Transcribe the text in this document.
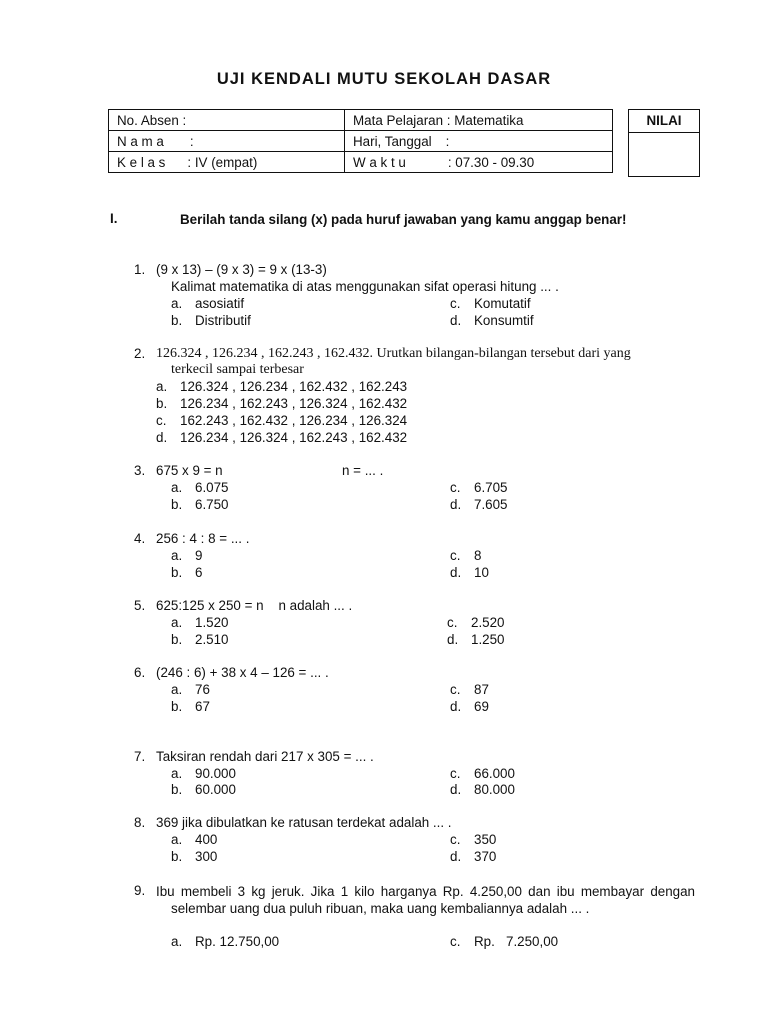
UJI KENDALI MUTU SEKOLAH DASAR
No. Absen :	Mata Pelajaran : Matematika
N a m a :	Hari, Tanggal :
K e l a s : IV (empat)	W a k t u : 07.30 - 09.30
NILAI
I.	Berilah tanda silang (x) pada huruf jawaban yang kamu anggap benar!
1. (9 x 13) – (9 x 3) = 9 x (13-3)
Kalimat matematika di atas menggunakan sifat operasi hitung ... .
a. asosiatif
b. Distributif
c. Komutatif
d. Konsumtif
2. 126.324 , 126.234 , 162.243 , 162.432. Urutkan bilangan-bilangan tersebut dari yang
terkecil sampai terbesar
a. 126.324 , 126.234 , 162.432 , 162.243
b. 126.234 , 162.243 , 126.324 , 162.432
c. 162.243 , 162.432 , 126.234 , 126.324
d. 126.234 , 126.324 , 162.243 , 162.432
3. 675 x 9 = n	n = ... .
a. 6.075
b. 6.750
c. 6.705
d. 7.605
4. 256 : 4 : 8 = ... .
a. 9
b. 6
c. 8
d. 10
5. 625:125 x 250 = n    n adalah ... .
a. 1.520
b. 2.510
c. 2.520
d. 1.250
6. (246 : 6) + 38 x 4 – 126 = ... .
a. 76
b. 67
c. 87
d. 69
7. Taksiran rendah dari 217 x 305 = ... .
a. 90.000
b. 60.000
c. 66.000
d. 80.000
8. 369 jika dibulatkan ke ratusan terdekat adalah ... .
a. 400
b. 300
c. 350
d. 370
9. Ibu membeli 3 kg jeruk. Jika 1 kilo harganya Rp. 4.250,00 dan ibu membayar dengan selembar uang dua puluh ribuan, maka uang kembaliannya adalah ... .
a. Rp. 12.750,00	c. Rp.   7.250,00
